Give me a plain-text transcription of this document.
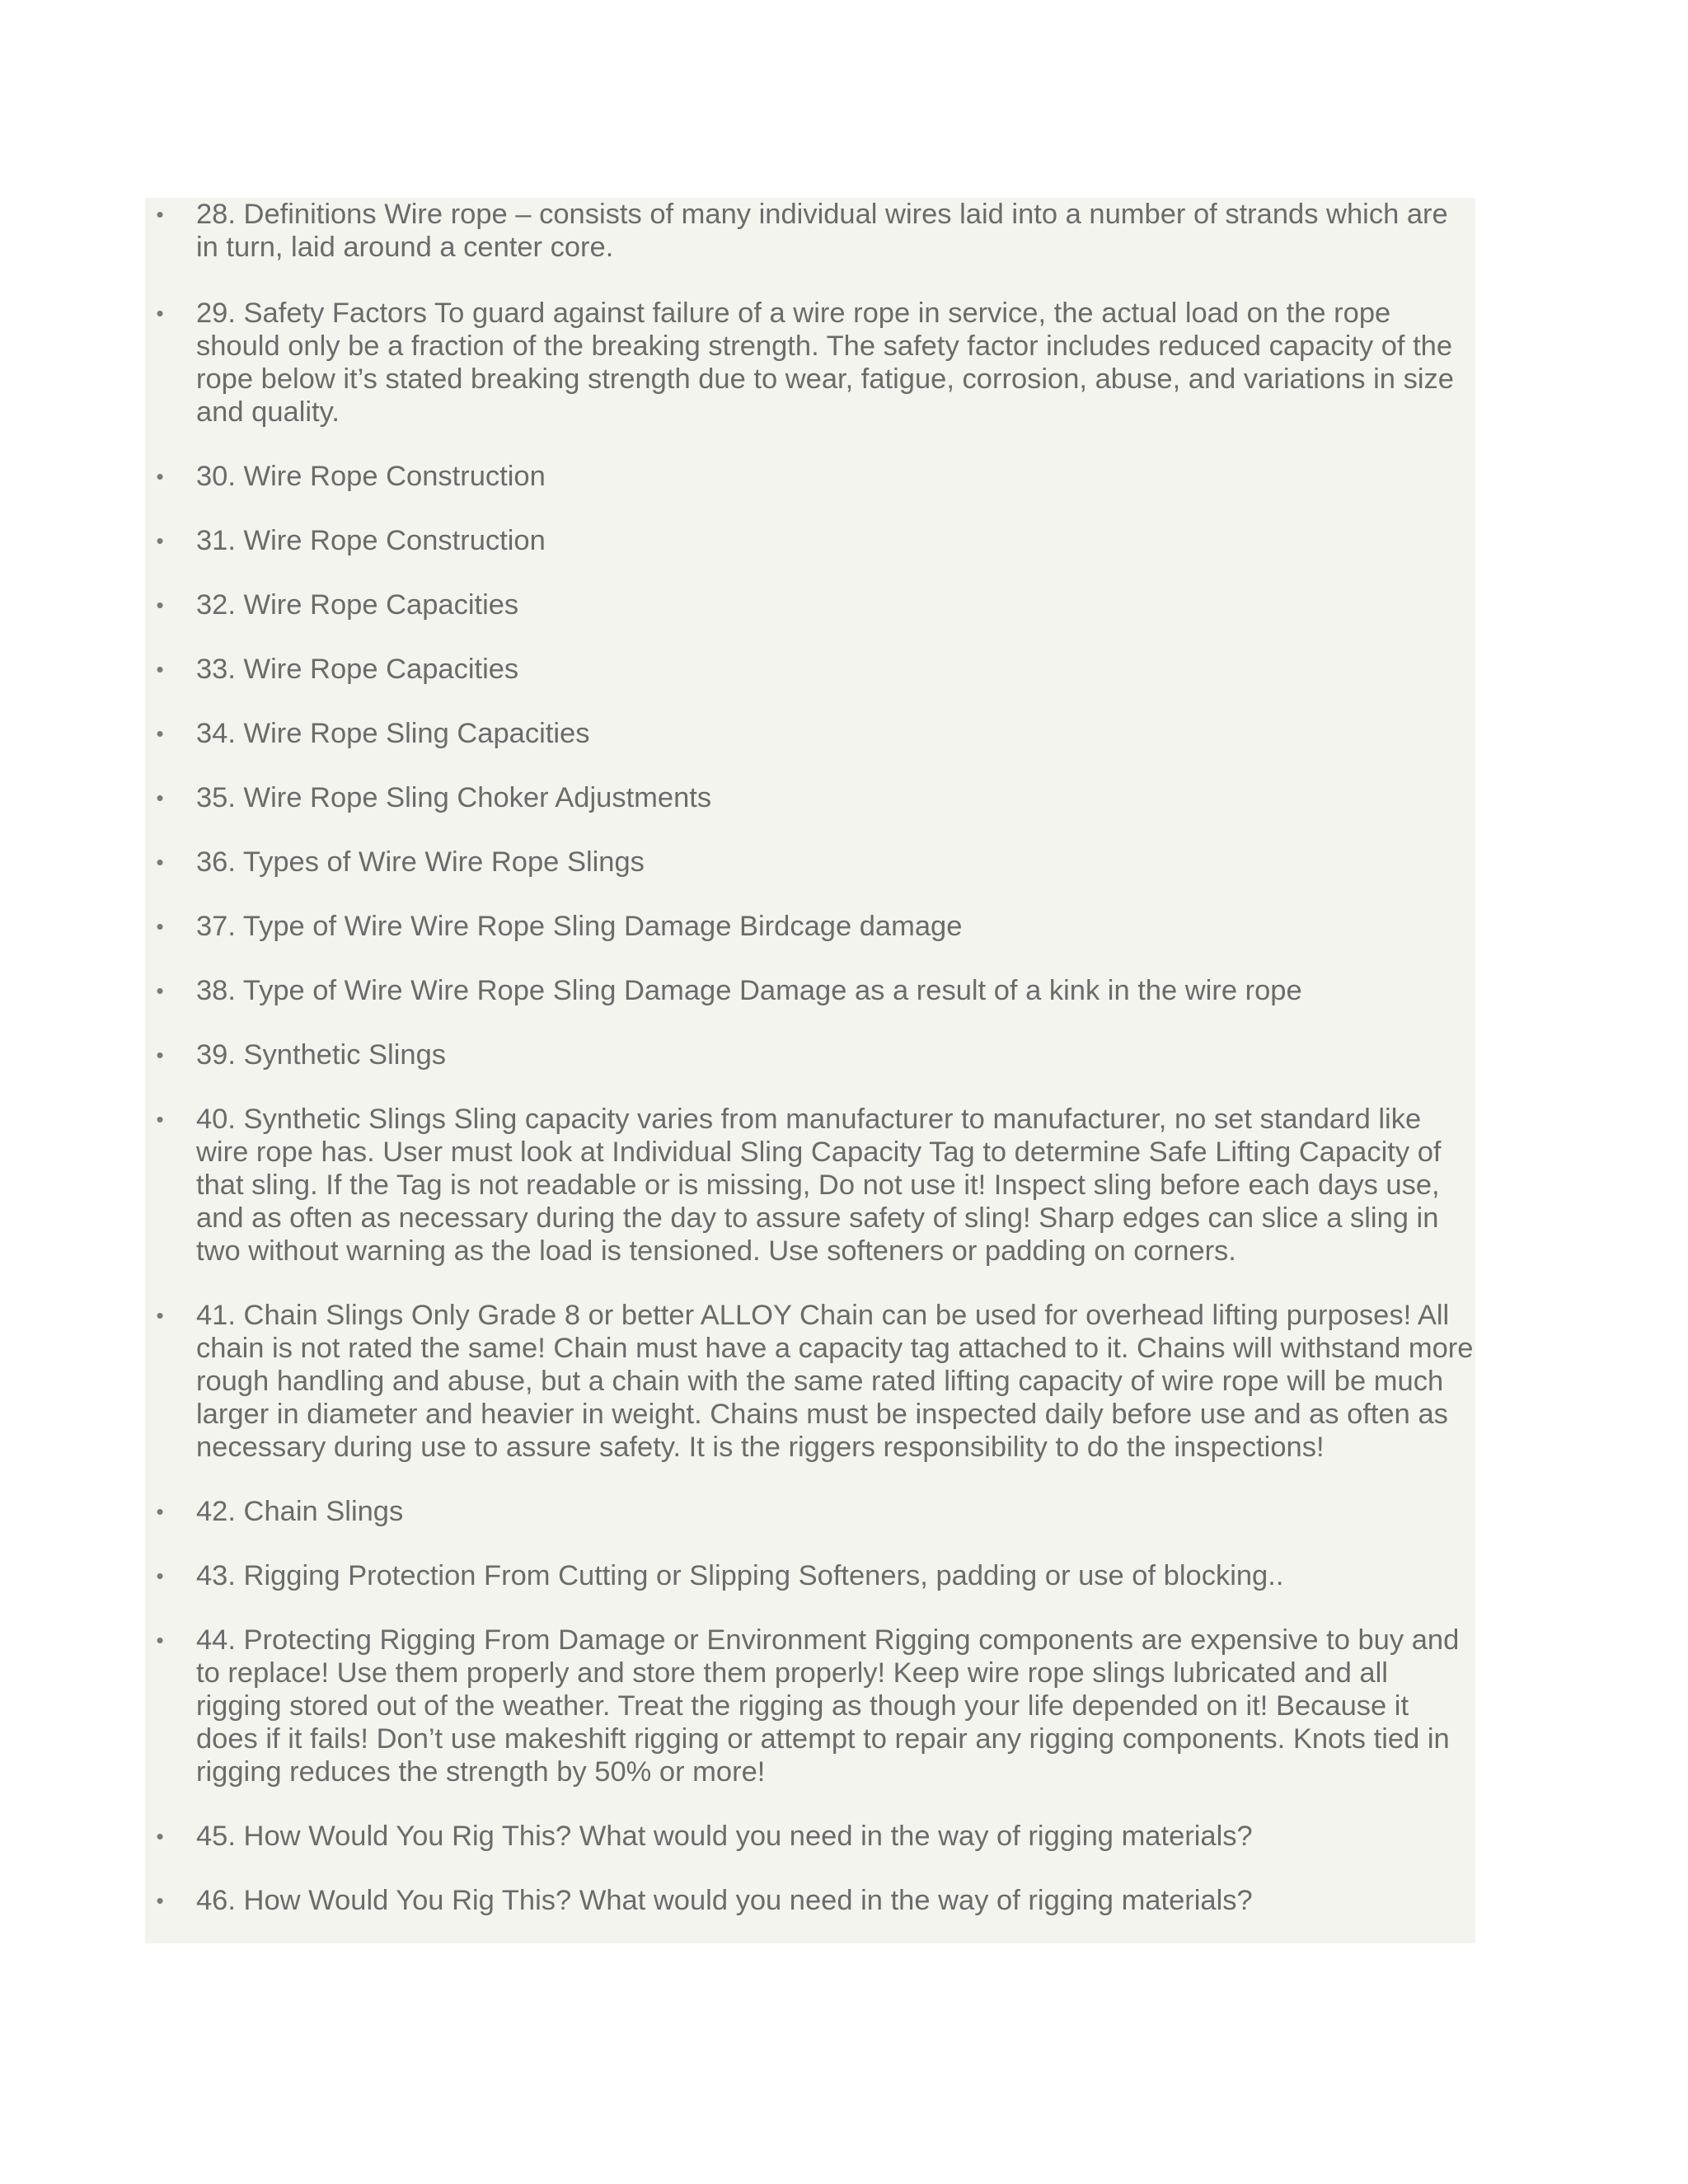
• 28. Definitions Wire rope – consists of many individual wires laid into a number of strands which are in turn, laid around a center core.
• 29. Safety Factors To guard against failure of a wire rope in service, the actual load on the rope should only be a fraction of the breaking strength. The safety factor includes reduced capacity of the rope below it’s stated breaking strength due to wear, fatigue, corrosion, abuse, and variations in size and quality.
• 30. Wire Rope Construction
• 31. Wire Rope Construction
• 32. Wire Rope Capacities
• 33. Wire Rope Capacities
• 34. Wire Rope Sling Capacities
• 35. Wire Rope Sling Choker Adjustments
• 36. Types of Wire Wire Rope Slings
• 37. Type of Wire Wire Rope Sling Damage Birdcage damage
• 38. Type of Wire Wire Rope Sling Damage Damage as a result of a kink in the wire rope
• 39. Synthetic Slings
• 40. Synthetic Slings Sling capacity varies from manufacturer to manufacturer, no set standard like wire rope has. User must look at Individual Sling Capacity Tag to determine Safe Lifting Capacity of that sling. If the Tag is not readable or is missing, Do not use it! Inspect sling before each days use, and as often as necessary during the day to assure safety of sling! Sharp edges can slice a sling in two without warning as the load is tensioned. Use softeners or padding on corners.
• 41. Chain Slings Only Grade 8 or better ALLOY Chain can be used for overhead lifting purposes! All chain is not rated the same! Chain must have a capacity tag attached to it. Chains will withstand more rough handling and abuse, but a chain with the same rated lifting capacity of wire rope will be much larger in diameter and heavier in weight. Chains must be inspected daily before use and as often as necessary during use to assure safety. It is the riggers responsibility to do the inspections!
• 42. Chain Slings
• 43. Rigging Protection From Cutting or Slipping Softeners, padding or use of blocking..
• 44. Protecting Rigging From Damage or Environment Rigging components are expensive to buy and to replace! Use them properly and store them properly! Keep wire rope slings lubricated and all rigging stored out of the weather. Treat the rigging as though your life depended on it! Because it does if it fails! Don’t use makeshift rigging or attempt to repair any rigging components. Knots tied in rigging reduces the strength by 50% or more!
• 45. How Would You Rig This? What would you need in the way of rigging materials?
• 46. How Would You Rig This? What would you need in the way of rigging materials?
